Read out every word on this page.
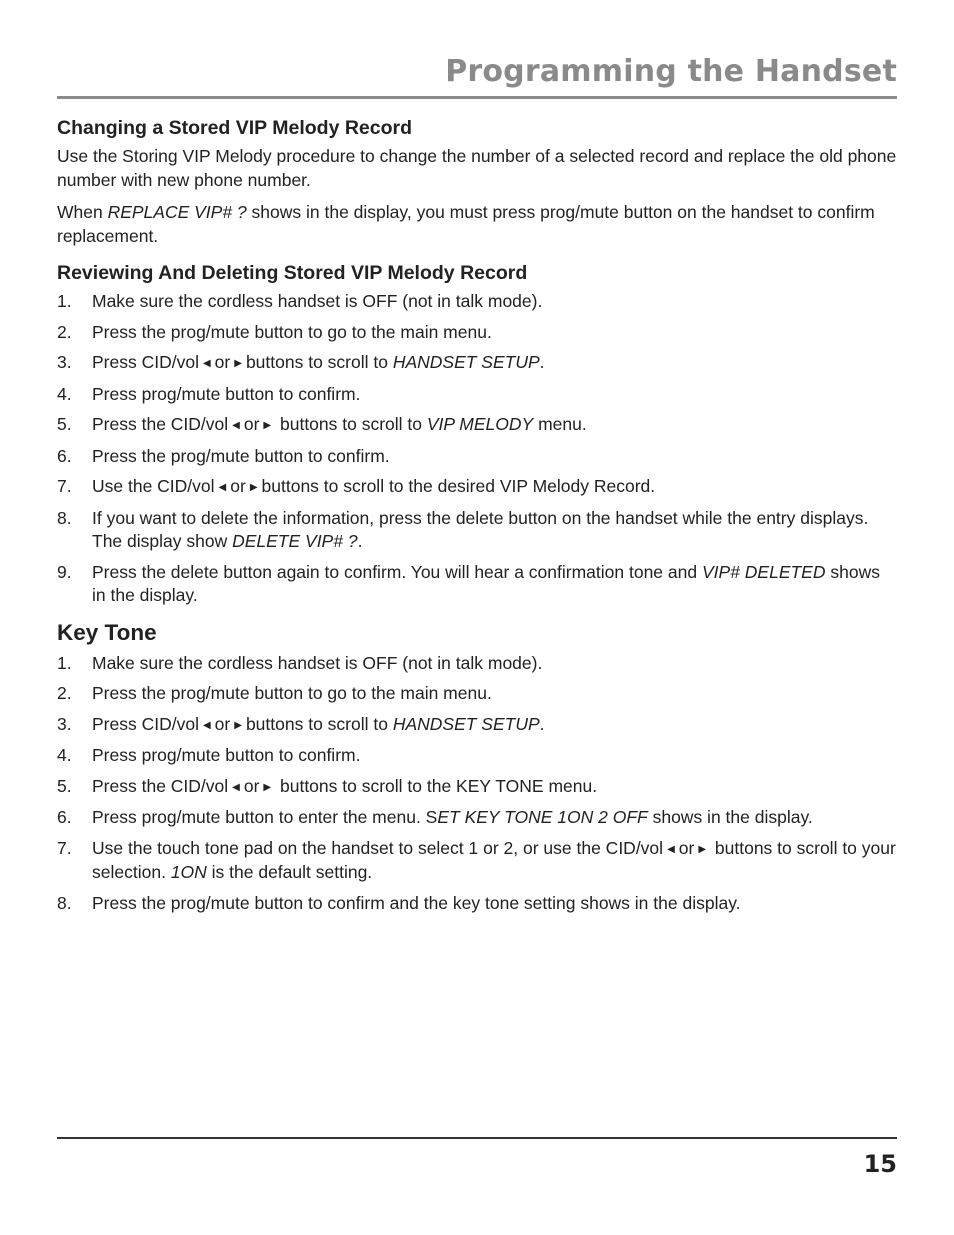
Programming the Handset
Changing a Stored VIP Melody Record

Use the Storing VIP Melody procedure to change the number of a selected record and replace the old phone number with new phone number.

When REPLACE VIP# ? shows in the display, you must press prog/mute button on the handset to confirm replacement.

Reviewing And Deleting Stored VIP Melody Record
1. Make sure the cordless handset is OFF (not in talk mode).
2. Press the prog/mute button to go to the main menu.
3. Press CID/vol ◀ or ▶ buttons to scroll to HANDSET SETUP.
4. Press prog/mute button to confirm.
5. Press the CID/vol ◀ or ▶ buttons to scroll to VIP MELODY menu.
6. Press the prog/mute button to confirm.
7. Use the CID/vol ◀ or ▶ buttons to scroll to the desired VIP Melody Record.
8. If you want to delete the information, press the delete button on the handset while the entry displays. The display show DELETE VIP# ?.
9. Press the delete button again to confirm. You will hear a confirmation tone and VIP# DELETED shows in the display.
Key Tone
1. Make sure the cordless handset is OFF (not in talk mode).
2. Press the prog/mute button to go to the main menu.
3. Press CID/vol ◀ or ▶ buttons to scroll to HANDSET SETUP.
4. Press prog/mute button to confirm.
5. Press the CID/vol ◀ or ▶ buttons to scroll to the KEY TONE menu.
6. Press prog/mute button to enter the menu. SET KEY TONE 1ON 2 OFF shows in the display.
7. Use the touch tone pad on the handset to select 1 or 2, or use the CID/vol ◀ or ▶ buttons to scroll to your selection. 1ON is the default setting.
8. Press the prog/mute button to confirm and the key tone setting shows in the display.
15
